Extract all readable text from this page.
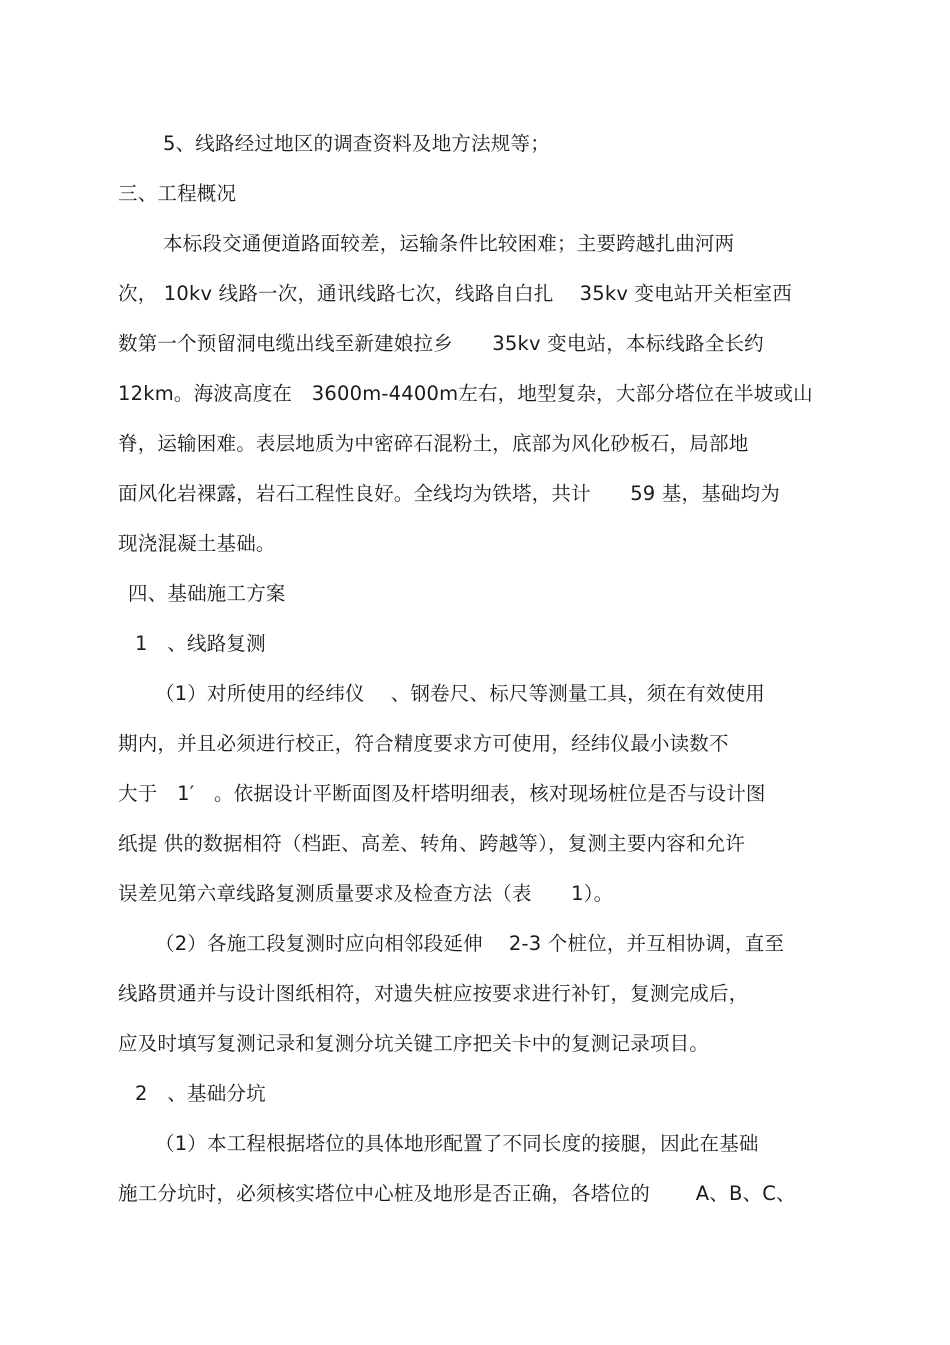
5、线路经过地区的调查资料及地方法规等；
三、工程概况
本标段交通便道路面较差，运输条件比较困难；主要跨越扎曲河两
次， 10kv 线路一次，通讯线路七次，线路自白扎　 35kv 变电站开关柜室西
数第一个预留洞电缆出线至新建娘拉乡　　35kv 变电站，本标线路全长约
12km。海波高度在　3600m-4400m左右，地型复杂，大部分塔位在半坡或山
脊，运输困难。表层地质为中密碎石混粉土，底部为风化砂板石，局部地
面风化岩裸露，岩石工程性良好。全线均为铁塔，共计　　59 基，基础均为
现浇混凝土基础。
四、基础施工方案
1　、线路复测
（1）对所使用的经纬仪　 、钢卷尺、标尺等测量工具，须在有效使用
期内，并且必须进行校正，符合精度要求方可使用，经纬仪最小读数不
大于　1′　。依据设计平断面图及杆塔明细表，核对现场桩位是否与设计图
纸提 供的数据相符（档距、高差、转角、跨越等），复测主要内容和允许
误差见第六章线路复测质量要求及检查方法（表　　1）。
（2）各施工段复测时应向相邻段延伸　 2-3 个桩位，并互相协调，直至
线路贯通并与设计图纸相符，对遗失桩应按要求进行补钉，复测完成后，
应及时填写复测记录和复测分坑关键工序把关卡中的复测记录项目。
2　、基础分坑
（1）本工程根据塔位的具体地形配置了不同长度的接腿，因此在基础
施工分坑时，必须核实塔位中心桩及地形是否正确，各塔位的　　 A、B、C、
